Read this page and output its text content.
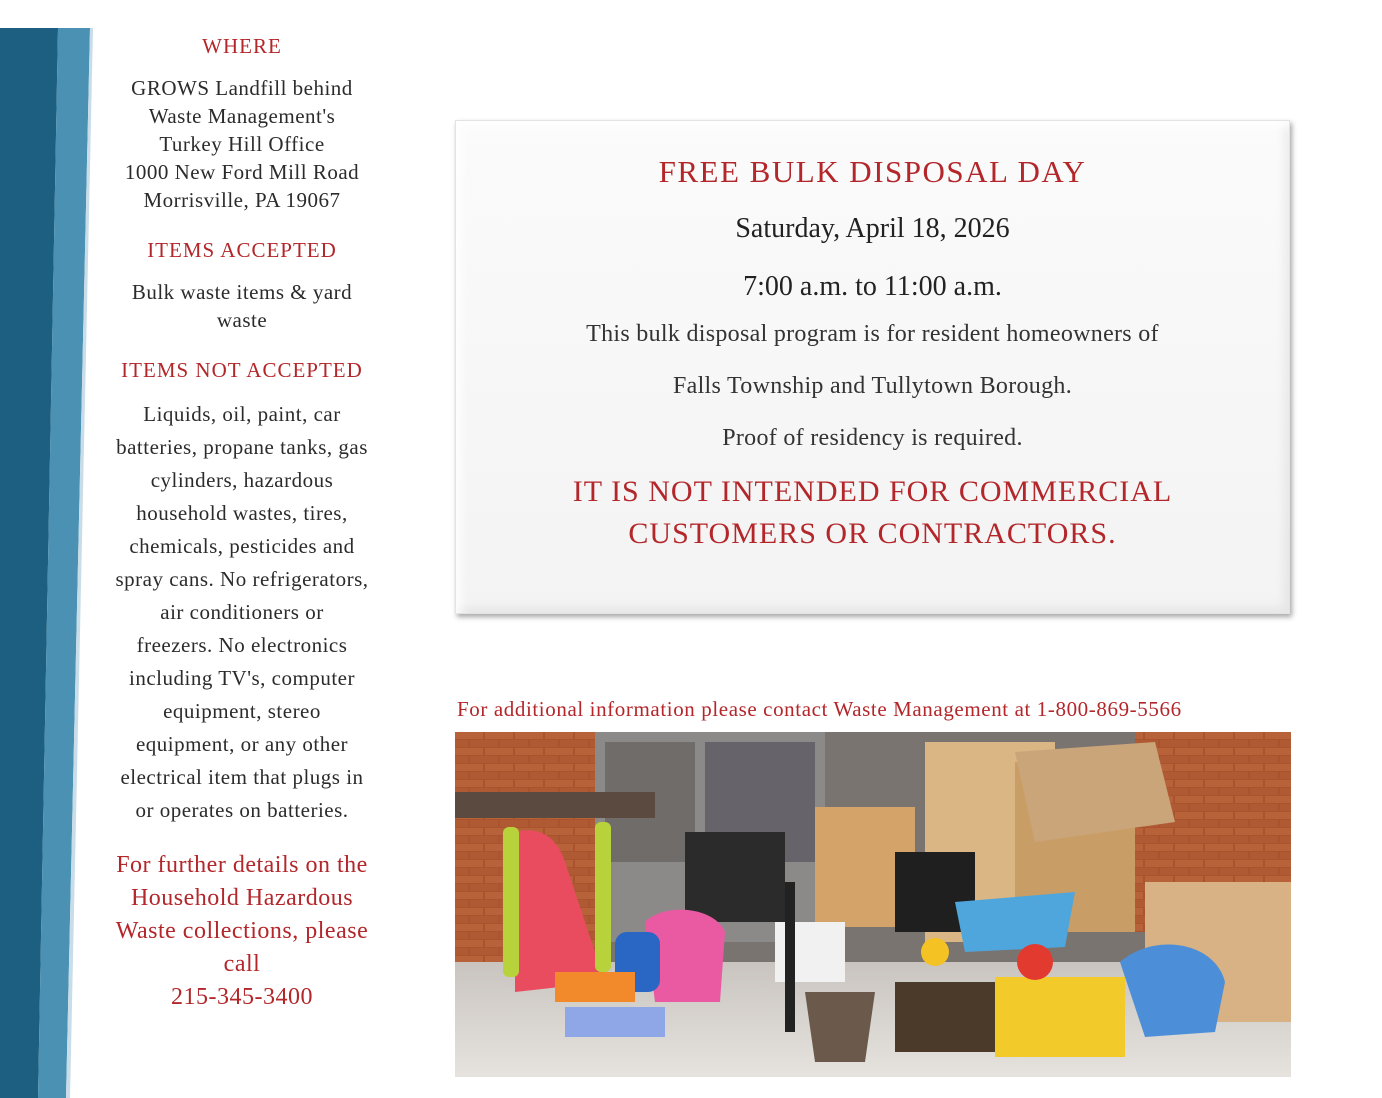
WHERE
GROWS Landfill behind
Waste Management's
Turkey Hill Office
1000 New Ford Mill Road
Morrisville, PA 19067
ITEMS ACCEPTED
Bulk waste items & yard
waste
ITEMS NOT ACCEPTED
Liquids, oil, paint, car
batteries, propane tanks, gas
cylinders, hazardous
household wastes, tires,
chemicals, pesticides and
spray cans. No refrigerators,
air conditioners or
freezers. No electronics
including TV's, computer
equipment, stereo
equipment, or any other
electrical item that plugs in
or operates on batteries.
For further details on the
Household Hazardous
Waste collections, please
call
215-345-3400
FREE BULK DISPOSAL DAY
Saturday, April 18, 2026
7:00 a.m. to 11:00 a.m.
This bulk disposal program is for resident homeowners of
Falls Township and Tullytown Borough.
Proof of residency is required.
IT IS NOT INTENDED FOR COMMERCIAL
CUSTOMERS OR CONTRACTORS.
For additional information please contact Waste Management at 1-800-869-5566
